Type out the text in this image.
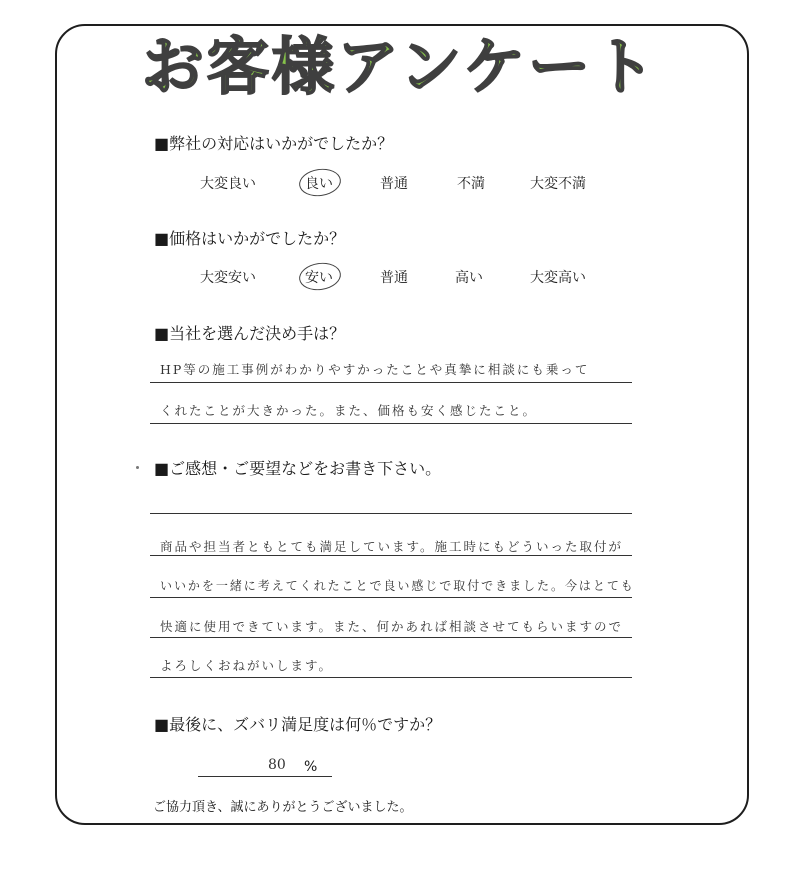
お客様アンケート
■弊社の対応はいかがでしたか？
大変良い	良い	普通	不満	大変不満
■価格はいかがでしたか？
大変安い	安い	普通	高い	大変高い
■当社を選んだ決め手は？
HP等の施工事例がわかりやすかったことや真摯に相談にも乗って
くれたことが大きかった。また、価格も安く感じたこと。
■ご感想・ご要望などをお書き下さい。
商品や担当者ともとても満足しています。施工時にもどういった取付が
いいかを一緒に考えてくれたことで良い感じで取付できました。今はとても
快適に使用できています。また、何かあれば相談させてもらいますので
よろしくおねがいします。
■最後に、ズバリ満足度は何％ですか？
80 %
ご協力頂き、誠にありがとうございました。
